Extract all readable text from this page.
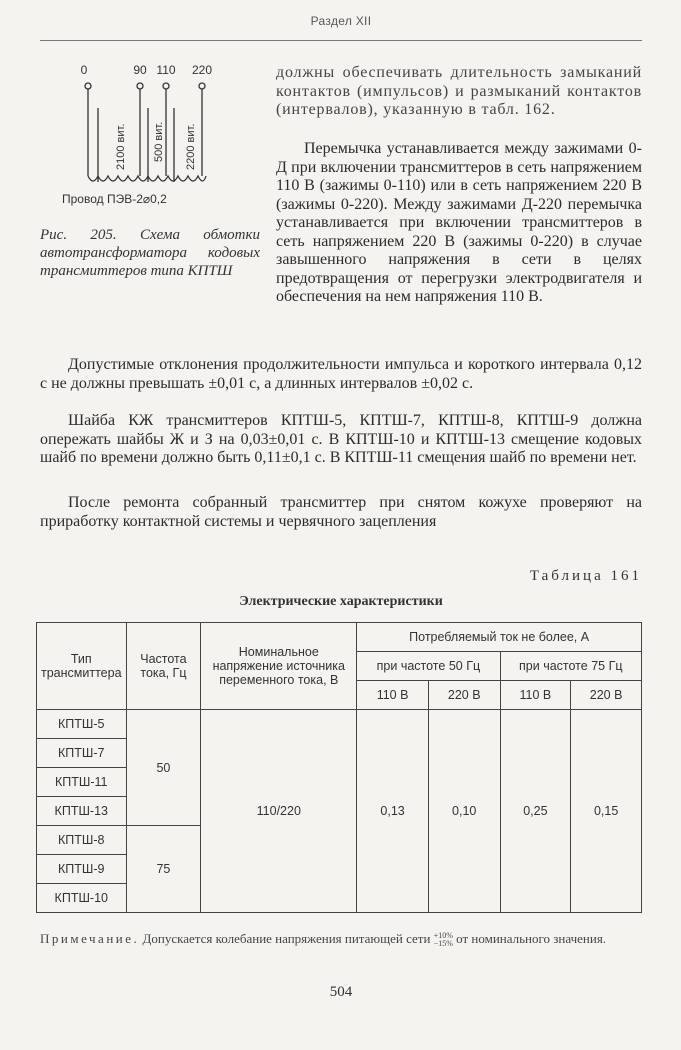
Раздел XII
0	90 110 220
2100 вит. 500 вит. 2200 вит.
Провод ПЭВ-2⌀0,2
Рис. 205. Схема обмотки автотрансформатора кодовых трансмиттеров типа КПТШ
должны обеспечивать длительность замыканий контактов (импульсов) и размыканий контактов (интервалов), указанную в табл. 162.
Перемычка устанавливается между зажимами 0-Д при включении трансмиттеров в сеть напряжением 110 В (зажимы 0-110) или в сеть напряжением 220 В (зажимы 0-220). Между зажимами Д-220 перемычка устанавливается при включении трансмиттеров в сеть напряжением 220 В (зажимы 0-220) в случае завышенного напряжения в сети в целях предотвращения от перегрузки электродвигателя и обеспечения на нем напряжения 110 В.
Допустимые отклонения продолжительности импульса и короткого интервала 0,12 с не должны превышать ±0,01 с, а длинных интервалов ±0,02 с.
Шайба КЖ трансмиттеров КПТШ-5, КПТШ-7, КПТШ-8, КПТШ-9 должна опережать шайбы Ж и З на 0,03±0,01 с. В КПТШ-10 и КПТШ-13 смещение кодовых шайб по времени должно быть 0,11±0,1 с. В КПТШ-11 смещения шайб по времени нет.
После ремонта собранный трансмиттер при снятом кожухе проверяют на приработку контактной системы и червячного зацепления
Таблица 161
Электрические характеристики
Тип трансмиттера	Частота тока, Гц	Номинальное напряжение источника переменного тока, В	Потребляемый ток не более, А			
			при частоте 50 Гц		при частоте 75 Гц	
			110 В	220 В	110 В	220 В
КПТШ-5	50	110/220	0,13	0,10	0,25	0,15
КПТШ-7						
КПТШ-11						
КПТШ-13						
КПТШ-8	75					
КПТШ-9						
КПТШ-10						
Примечание. Допускается колебание напряжения питающей сети +10%
−15% от номинального значения.
504
